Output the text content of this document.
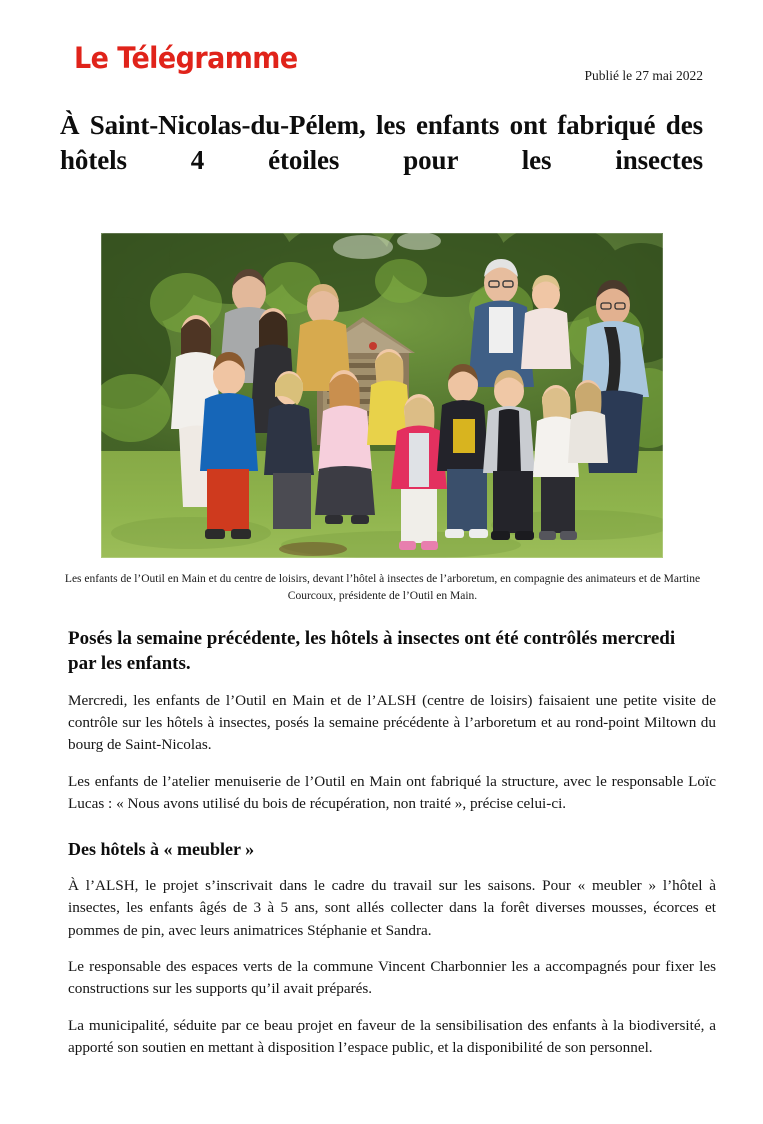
Le Télégramme
Publié le 27 mai 2022
À Saint-Nicolas-du-Pélem, les enfants ont fabriqué des hôtels 4 étoiles pour les insectes
Les enfants de l’Outil en Main et du centre de loisirs, devant l’hôtel à insectes de l’arboretum, en compagnie des animateurs et de Martine Courcoux, présidente de l’Outil en Main.
Posés la semaine précédente, les hôtels à insectes ont été contrôlés mercredi par les enfants.

Mercredi, les enfants de l’Outil en Main et de l’ALSH (centre de loisirs) faisaient une petite visite de contrôle sur les hôtels à insectes, posés la semaine précédente à l’arboretum et au rond-point Miltown du bourg de Saint-Nicolas.

Les enfants de l’atelier menuiserie de l’Outil en Main ont fabriqué la structure, avec le responsable Loïc Lucas : « Nous avons utilisé du bois de récupération, non traité », précise celui-ci.

Des hôtels à « meubler »

À l’ALSH, le projet s’inscrivait dans le cadre du travail sur les saisons. Pour « meubler » l’hôtel à insectes, les enfants âgés de 3 à 5 ans, sont allés collecter dans la forêt diverses mousses, écorces et pommes de pin, avec leurs animatrices Stéphanie et Sandra.

Le responsable des espaces verts de la commune Vincent Charbonnier les a accompagnés pour fixer les constructions sur les supports qu’il avait préparés.

La municipalité, séduite par ce beau projet en faveur de la sensibilisation des enfants à la biodiversité, a apporté son soutien en mettant à disposition l’espace public, et la disponibilité de son personnel.
